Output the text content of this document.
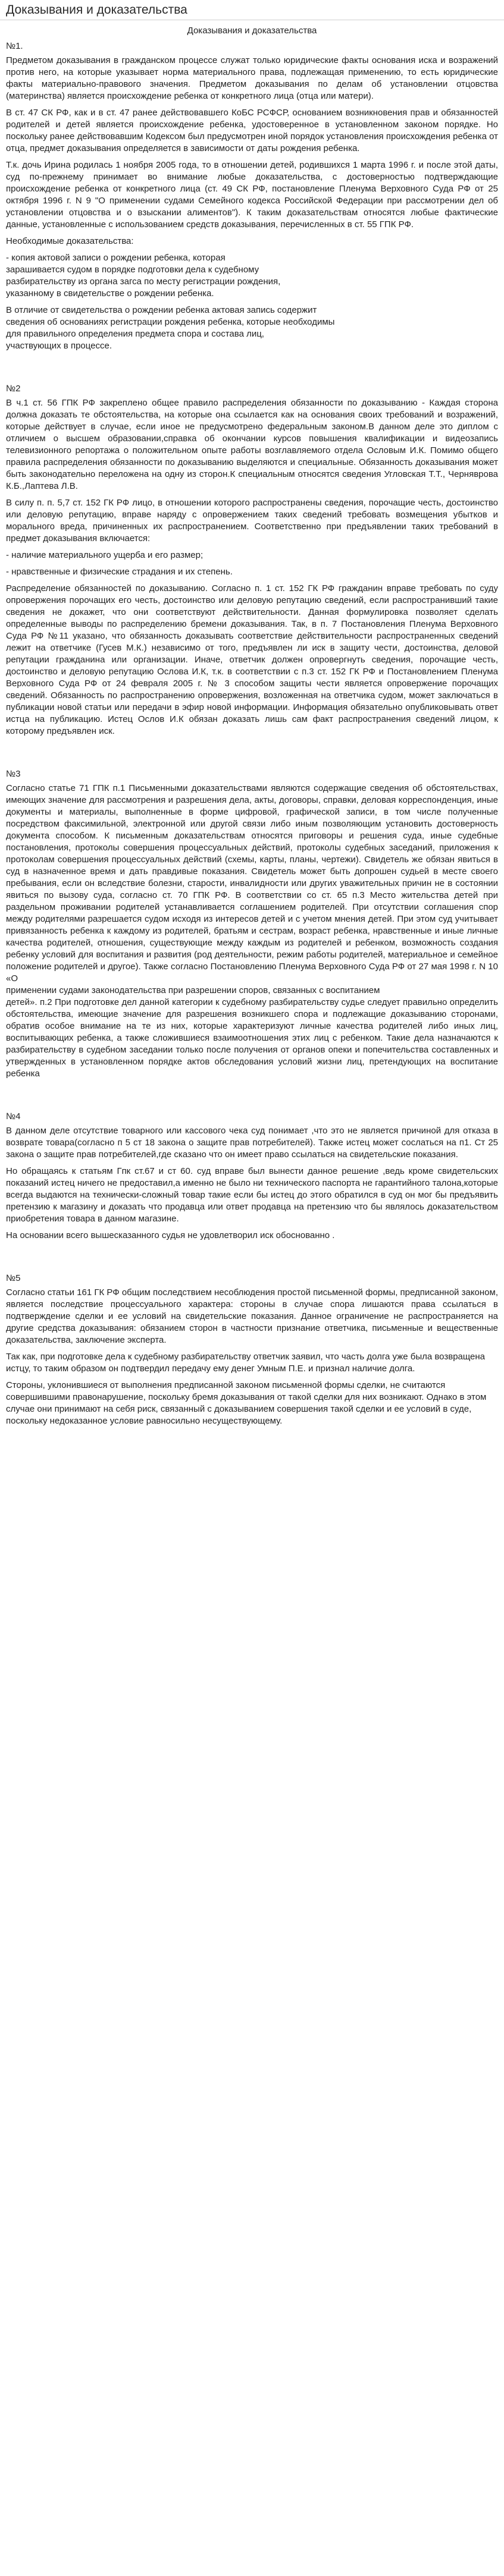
Доказывания и доказательства
Доказывания и доказательства
№1.

Предметом доказывания в гражданском процессе служат только юридические факты основания иска и возражений против него, на которые указывает норма материального права, подлежащая применению, то есть юридические факты материально-правового значения. Предметом доказывания по делам об установлении отцовства (материнства) является происхождение ребенка от конкретного лица (отца или матери).

В ст. 47 СК РФ, как и в ст. 47 ранее действовавшего КоБС РСФСР, основанием возникновения прав и обязанностей родителей и детей является происхождение ребенка, удостоверенное в установленном законом порядке. Но поскольку ранее действовавшим Кодексом был предусмотрен иной порядок установления происхождения ребенка от отца, предмет доказывания определяется в зависимости от даты рождения ребенка.

Т.к. дочь Ирина родилась 1 ноября 2005 года, то в отношении детей, родившихся 1 марта 1996 г. и после этой даты, суд по-прежнему принимает во внимание любые доказательства, с достоверностью подтверждающие происхождение ребенка от конкретного лица (ст. 49 СК РФ, постановление Пленума Верховного Суда РФ от 25 октября 1996 г. N 9 "О применении судами Семейного кодекса Российской Федерации при рассмотрении дел об установлении отцовства и о взыскании алиментов"). К таким доказательствам относятся любые фактические данные, установленные с использованием средств доказывания, перечисленных в ст. 55 ГПК РФ.

Необходимые доказательства:

- копия актовой записи о рождении ребенка, которая
зарашивается судом в порядке подготовки дела к судебному
разбирательству из органа загса по месту регистрации рождения,
указанному в свидетельстве о рождении ребенка.

В отличие от свидетельства о рождении ребенка актовая запись содержит
сведения об основаниях регистрации рождения ребенка, которые необходимы
для правильного определения предмета спора и состава лиц,
участвующих в процессе.

№2

В ч.1 ст. 56 ГПК РФ закреплено общее правило распределения обязанности по доказыванию - Каждая сторона должна доказать те обстоятельства, на которые она ссылается как на основания своих требований и возражений, которые действует в случае, если иное не предусмотрено федеральным законом.В данном деле это диплом с отличием о высшем образовании,справка об окончании курсов повышения квалификации и видеозапись телевизионного репортажа о положительном опыте работы возглавляемого отдела Ословым И.К. Помимо общего правила распределения обязанности по доказыванию выделяются и специальные. Обязанность доказывания может быть законодательно переложена на одну из сторон.К специальным относятся сведения Угловская Т.Т., Черняврова К.Б.,Лаптева Л.В.

В силу п. п. 5,7 ст. 152 ГК РФ лицо, в отношении которого распространены сведения, порочащие честь, достоинство или деловую репутацию, вправе наряду с опровержением таких сведений требовать возмещения убытков и морального вреда, причиненных их распространением. Соответственно при предъявлении таких требований в предмет доказывания включается:

- наличие материального ущерба и его размер;

- нравственные и физические страдания и их степень.

Распределение обязанностей по доказыванию. Согласно п. 1 ст. 152 ГК РФ гражданин вправе требовать по суду опровержения порочащих его честь, достоинство или деловую репутацию сведений, если распространивший такие сведения не докажет, что они соответствуют действительности. Данная формулировка позволяет сделать определенные выводы по распределению бремени доказывания. Так, в п. 7 Постановления Пленума Верховного Суда РФ №11 указано, что обязанность доказывать соответствие действительности распространенных сведений лежит на ответчике (Гусев М.К.) независимо от того, предъявлен ли иск в защиту чести, достоинства, деловой репутации гражданина или организации. Иначе, ответчик должен опровергнуть сведения, порочащие честь, достоинство и деловую репутацию Ослова И.К, т.к. в соответствии с п.3 ст. 152 ГК РФ и Постановлением Пленума Верховного Суда РФ от 24 февраля 2005 г. № 3 способом защиты чести является опровержение порочащих сведений. Обязанность по распространению опровержения, возложенная на ответчика судом, может заключаться в публикации новой статьи или передачи в эфир новой информации. Информация обязательно опубликовывать ответ истца на публикацию. Истец Ослов И.К обязан доказать лишь сам факт распространения сведений лицом, к которому предъявлен иск.

№3

Согласно статье 71 ГПК п.1 Письменными доказательствами являются содержащие сведения об обстоятельствах, имеющих значение для рассмотрения и разрешения дела, акты, договоры, справки, деловая корреспонденция, иные документы и материалы, выполненные в форме цифровой, графической записи, в том числе полученные посредством факсимильной, электронной или другой связи либо иным позволяющим установить достоверность документа способом. К письменным доказательствам относятся приговоры и решения суда, иные судебные постановления, протоколы совершения процессуальных действий, протоколы судебных заседаний, приложения к протоколам совершения процессуальных действий (схемы, карты, планы, чертежи). Свидетель же обязан явиться в суд в назначенное время и дать правдивые показания. Свидетель может быть допрошен судьей в месте своего пребывания, если он вследствие болезни, старости, инвалидности или других уважительных причин не в состоянии явиться по вызову суда, согласно ст. 70 ГПК РФ. В соответствии со ст. 65 п.3 Место жительства детей при раздельном проживании родителей устанавливается соглашением родителей. При отсутствии соглашения спор между родителями разрешается судом исходя из интересов детей и с учетом мнения детей. При этом суд учитывает привязанность ребенка к каждому из родителей, братьям и сестрам, возраст ребенка, нравственные и иные личные качества родителей, отношения, существующие между каждым из родителей и ребенком, возможность создания ребенку условий для воспитания и развития (род деятельности, режим работы родителей, материальное и семейное положение родителей и другое). Также согласно Постановлению Пленума Верховного Суда РФ от 27 мая 1998 г. N 10 «О
применении судами законодательства при разрешении споров, связанных с воспитанием
детей». п.2 При подготовке дел данной категории к судебному разбирательству судье следует правильно определить обстоятельства, имеющие значение для разрешения возникшего спора и подлежащие доказыванию сторонами, обратив особое внимание на те из них, которые характеризуют личные качества родителей либо иных лиц, воспитывающих ребенка, а также сложившиеся взаимоотношения этих лиц с ребенком. Такие дела назначаются к разбирательству в судебном заседании только после получения от органов опеки и попечительства составленных и утвержденных в установленном порядке актов обследования условий жизни лиц, претендующих на воспитание ребенка

№4

В данном деле отсутствие товарного или кассового чека суд понимает ,что это не является причиной для отказа в возврате товара(согласно п 5 ст 18 закона о защите прав потребителей). Также иcтец может сослаться на п1. Ст 25 закона о защите прав потребителей,где сказано что он имеет право ссылаться на свидетельские показания.

Но обращаясь к статьям Гпк ст.67 и ст 60. суд вправе был вынести данное решение ,ведь кроме свидетельских показаний истец ничего не предоставил,а именно не было ни технического паспорта не гарантийного талона,которые всегда выдаются на технически-сложный товар такие если бы истец до этого обратился в суд он мог бы предъявить претензию к магазину и доказать что продавца или ответ продавца на претензию что бы являлось доказательством приобретения товара в данном магазине.

На основании всего вышесказанного судья не удовлетворил иск обоснованно .

№5

Согласно статьи 161 ГК РФ общим последствием несоблюдения простой письменной формы, предписанной законом, является последствие процессуального характера: стороны в случае спора лишаются права ссылаться в подтверждение сделки и ее условий на свидетельские показания. Данное ограничение не распространяется на другие средства доказывания: обязанием сторон в частности признание ответчика, письменные и вещественные доказательства, заключение эксперта.

Так как, при подготовке дела к судебному разбирательству ответчик заявил, что часть долга уже была возвращена истцу, то таким образом он подтвердил передачу ему денег Умным П.Е. и признал наличие долга.

Стороны, уклонившиеся от выполнения предписанной законом письменной формы сделки, не считаются совершившими правонарушение, поскольку бремя доказывания от такой сделки для них возникают. Однако в этом случае они принимают на себя риск, связанный с доказыванием совершения такой сделки и ее условий в суде, поскольку недоказанное условие равносильно несуществующему.
